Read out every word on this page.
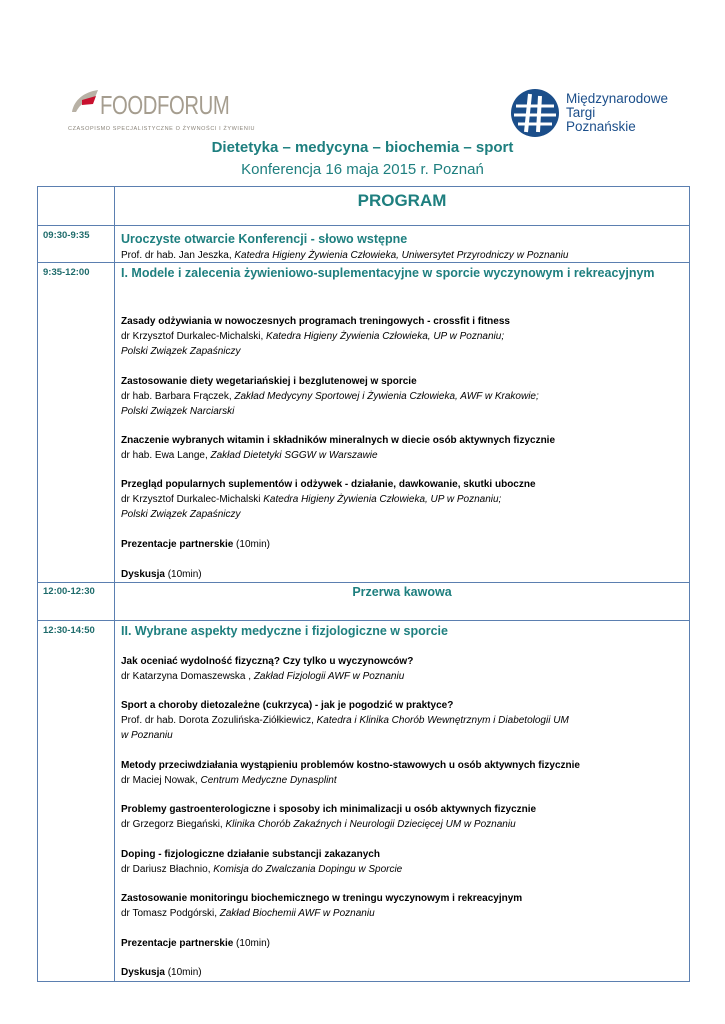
FOODFORUM
CZASOPISMO SPECJALISTYCZNE O ŻYWNOŚCI I ŻYWIENIU
Międzynarodowe
Targi
Poznańskie
Dietetyka – medycyna – biochemia – sport
Konferencja 16 maja 2015 r. Poznań
PROGRAM
09:30-9:35	Uroczyste otwarcie Konferencji - słowo wstępne
Prof. dr hab. Jan Jeszka, Katedra Higieny Żywienia Człowieka, Uniwersytet Przyrodniczy w Poznaniu
9:35-12:00	I. Modele i zalecenia żywieniowo-suplementacyjne w sporcie wyczynowym i rekreacyjnym
Zasady odżywiania w nowoczesnych programach treningowych - crossfit i fitness
dr Krzysztof Durkalec-Michalski, Katedra Higieny Żywienia Człowieka, UP w Poznaniu;
Polski Związek Zapaśniczy
Zastosowanie diety wegetariańskiej i bezglutenowej w sporcie
dr hab. Barbara Frączek, Zakład Medycyny Sportowej i Żywienia Człowieka, AWF w Krakowie;
Polski Związek Narciarski
Znaczenie wybranych witamin i składników mineralnych w diecie osób aktywnych fizycznie
dr hab. Ewa Lange, Zakład Dietetyki SGGW w Warszawie
Przegląd popularnych suplementów i odżywek - działanie, dawkowanie, skutki uboczne
dr Krzysztof Durkalec-Michalski Katedra Higieny Żywienia Człowieka, UP w Poznaniu;
Polski Związek Zapaśniczy
Prezentacje partnerskie (10min)
Dyskusja (10min)
12:00-12:30	Przerwa kawowa
12:30-14:50 II. Wybrane aspekty medyczne i fizjologiczne w sporcie
Jak oceniać wydolność fizyczną? Czy tylko u wyczynowców?
dr Katarzyna Domaszewska , Zakład Fizjologii AWF w Poznaniu
Sport a choroby dietozależne (cukrzyca) - jak je pogodzić w praktyce?
Prof. dr hab. Dorota Zozulińska-Ziółkiewicz, Katedra i Klinika Chorób Wewnętrznym i Diabetologii UM
w Poznaniu
Metody przeciwdziałania wystąpieniu problemów kostno-stawowych u osób aktywnych fizycznie
dr Maciej Nowak, Centrum Medyczne Dynasplint
Problemy gastroenterologiczne i sposoby ich minimalizacji u osób aktywnych fizycznie
dr Grzegorz Biegański, Klinika Chorób Zakaźnych i Neurologii Dziecięcej UM w Poznaniu
Doping - fizjologiczne działanie substancji zakazanych
dr Dariusz Błachnio, Komisja do Zwalczania Dopingu w Sporcie
Zastosowanie monitoringu biochemicznego w treningu wyczynowym i rekreacyjnym
dr Tomasz Podgórski, Zakład Biochemii AWF w Poznaniu
Prezentacje partnerskie (10min)
Dyskusja (10min)
